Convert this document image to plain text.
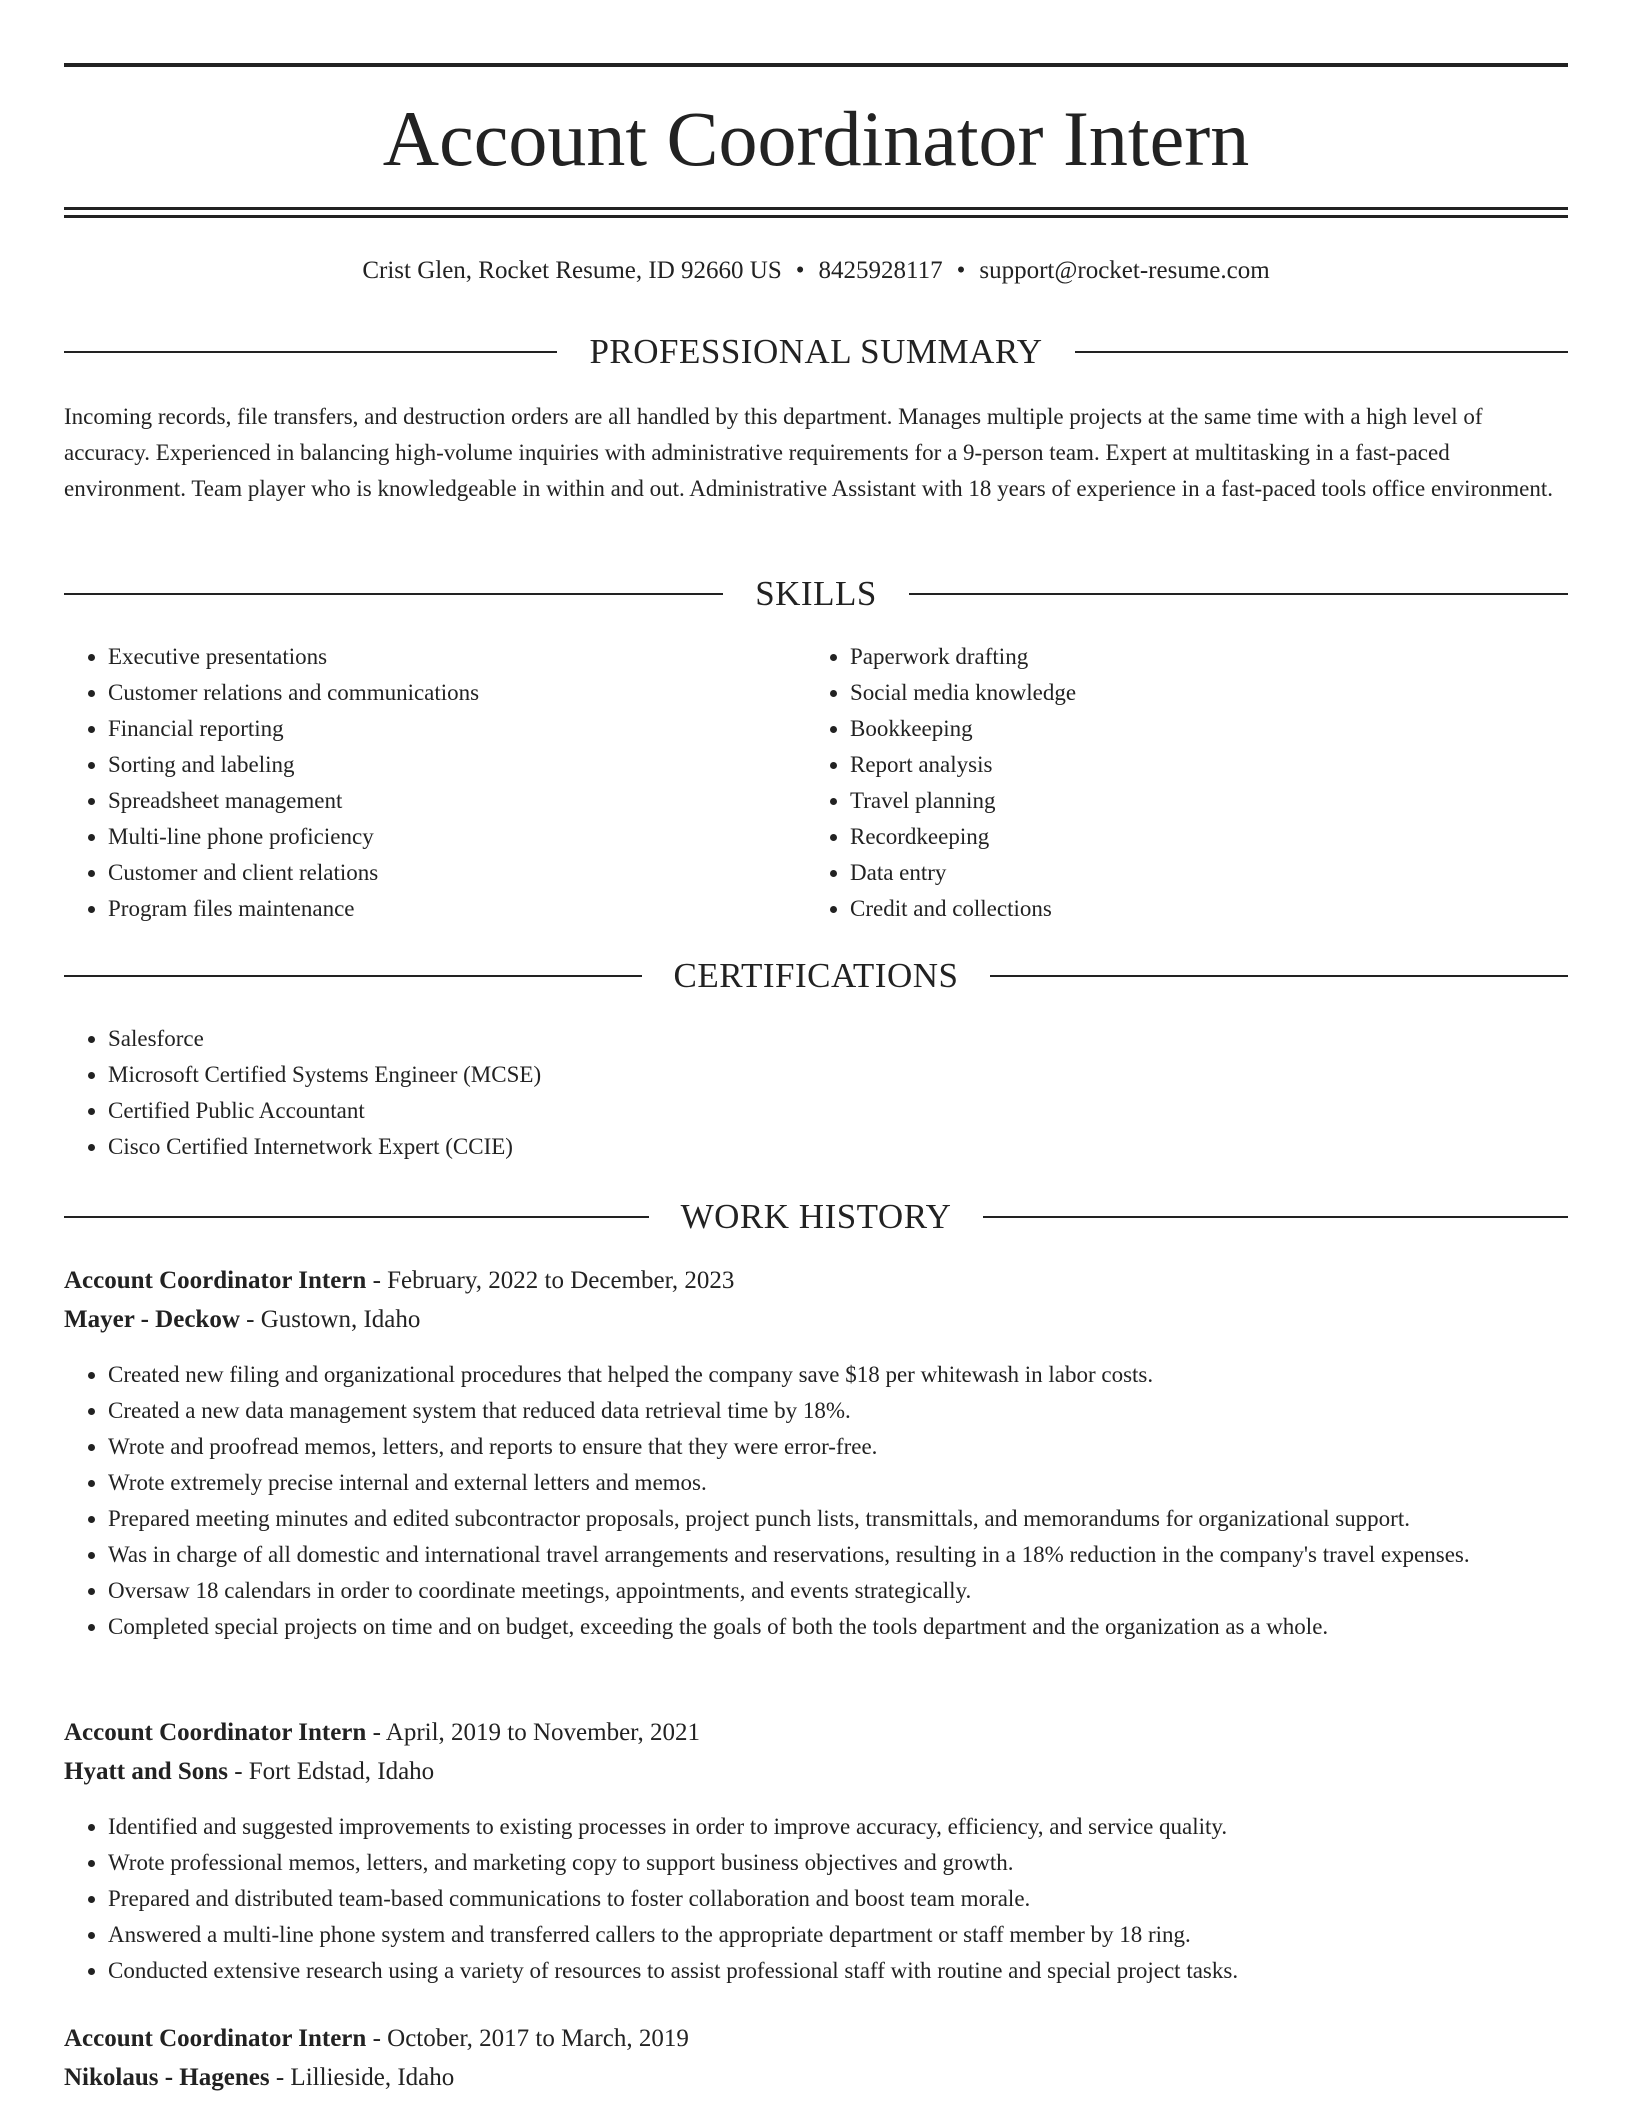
Account Coordinator Intern
Crist Glen, Rocket Resume, ID 92660 US • 8425928117 • support@rocket-resume.com
PROFESSIONAL SUMMARY

Incoming records, file transfers, and destruction orders are all handled by this department. Manages multiple projects at the same time with a high level of accuracy. Experienced in balancing high-volume inquiries with administrative requirements for a 9-person team. Expert at multitasking in a fast-paced environment. Team player who is knowledgeable in within and out. Administrative Assistant with 18 years of experience in a fast-paced tools office environment.

SKILLS
• Executive presentations
• Customer relations and communications
• Financial reporting
• Sorting and labeling
• Spreadsheet management
• Multi-line phone proficiency
• Customer and client relations
• Program files maintenance
• Paperwork drafting
• Social media knowledge
• Bookkeeping
• Report analysis
• Travel planning
• Recordkeeping
• Data entry
• Credit and collections
CERTIFICATIONS
• Salesforce
• Microsoft Certified Systems Engineer (MCSE)
• Certified Public Accountant
• Cisco Certified Internetwork Expert (CCIE)
WORK HISTORY
Account Coordinator Intern - February, 2022 to December, 2023
Mayer - Deckow - Gustown, Idaho
• Created new filing and organizational procedures that helped the company save $18 per whitewash in labor costs.
• Created a new data management system that reduced data retrieval time by 18%.
• Wrote and proofread memos, letters, and reports to ensure that they were error-free.
• Wrote extremely precise internal and external letters and memos.
• Prepared meeting minutes and edited subcontractor proposals, project punch lists, transmittals, and memorandums for organizational support.
• Was in charge of all domestic and international travel arrangements and reservations, resulting in a 18% reduction in the company's travel expenses.
• Oversaw 18 calendars in order to coordinate meetings, appointments, and events strategically.
• Completed special projects on time and on budget, exceeding the goals of both the tools department and the organization as a whole.
Account Coordinator Intern - April, 2019 to November, 2021
Hyatt and Sons - Fort Edstad, Idaho
• Identified and suggested improvements to existing processes in order to improve accuracy, efficiency, and service quality.
• Wrote professional memos, letters, and marketing copy to support business objectives and growth.
• Prepared and distributed team-based communications to foster collaboration and boost team morale.
• Answered a multi-line phone system and transferred callers to the appropriate department or staff member by 18 ring.
• Conducted extensive research using a variety of resources to assist professional staff with routine and special project tasks.
Account Coordinator Intern - October, 2017 to March, 2019
Nikolaus - Hagenes - Lillieside, Idaho
